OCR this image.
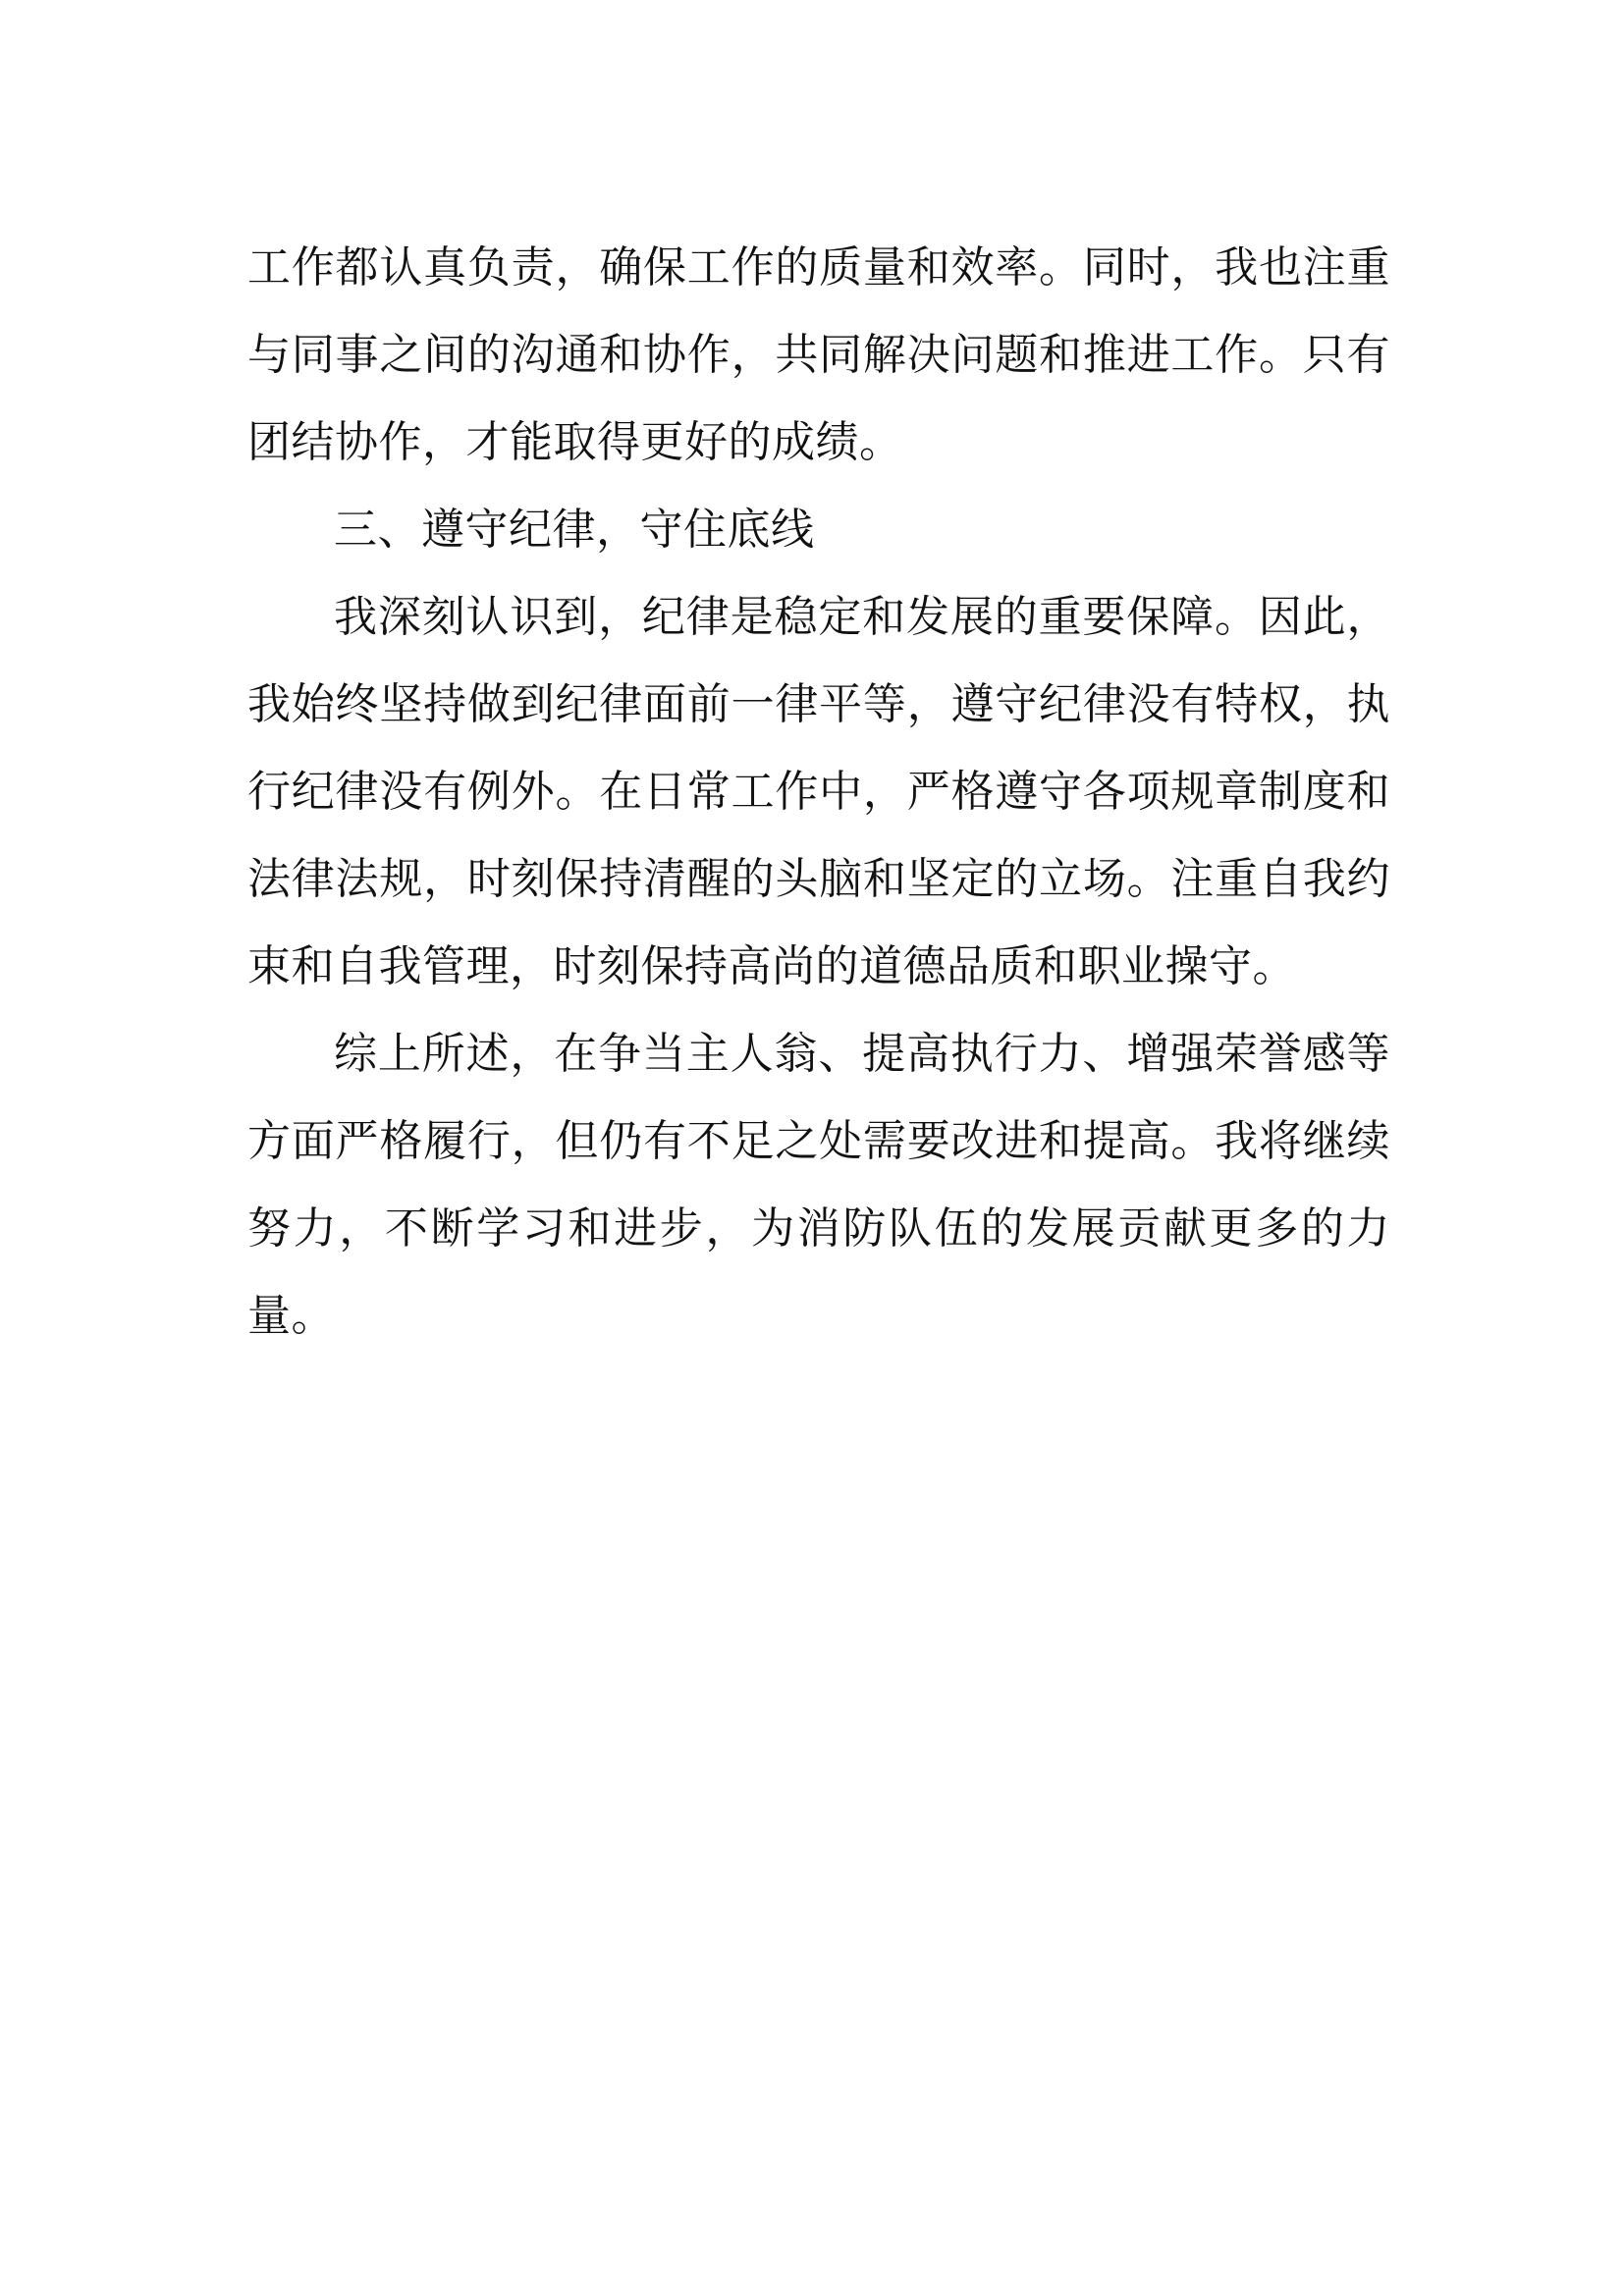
工作都认真负责，确保工作的质量和效率。同时，我也注重与同事之间的沟通和协作，共同解决问题和推进工作。只有团结协作，才能取得更好的成绩。

三、遵守纪律，守住底线

我深刻认识到，纪律是稳定和发展的重要保障。因此，我始终坚持做到纪律面前一律平等，遵守纪律没有特权，执行纪律没有例外。在日常工作中，严格遵守各项规章制度和法律法规，时刻保持清醒的头脑和坚定的立场。注重自我约束和自我管理，时刻保持高尚的道德品质和职业操守。

综上所述，在争当主人翁、提高执行力、增强荣誉感等方面严格履行，但仍有不足之处需要改进和提高。我将继续努力，不断学习和进步，为消防队伍的发展贡献更多的力量。
